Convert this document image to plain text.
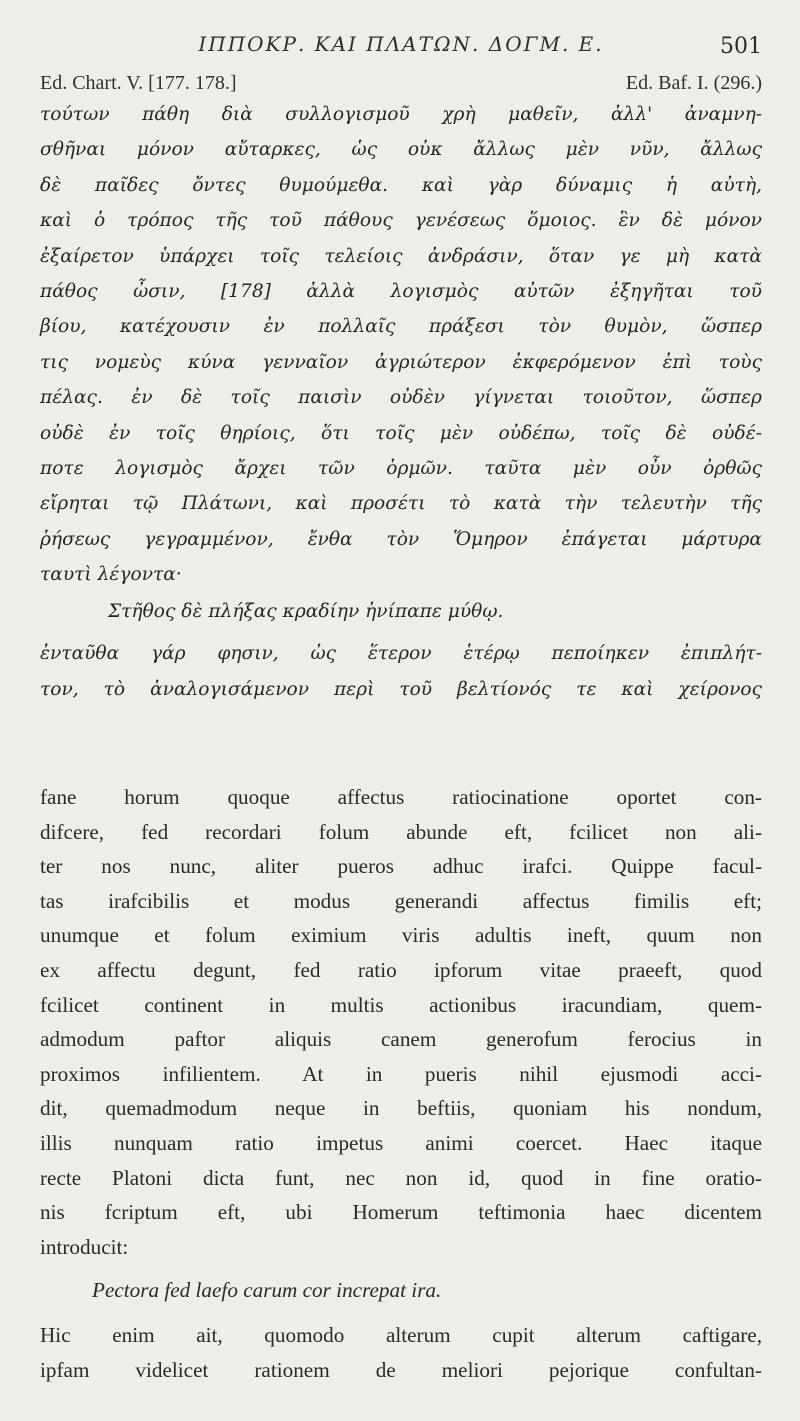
ΙΠΠΟΚΡ. ΚΑΙ ΠΛΑΤΩΝ. ΔΟΓΜ. Ε.	501
Ed. Chart. V. [177. 178.]	Ed. Baf. I. (296.)
τούτων πάθη διὰ συλλογισμοῦ χρὴ μαθεῖν, ἀλλ' ἀναμνη-
σθῆναι μόνον αὔταρκες, ὡς οὐκ ἄλλως μὲν νῦν, ἄλλως
δὲ παῖδες ὄντες θυμούμεθα. καὶ γὰρ δύναμις ἡ αὐτὴ,
καὶ ὁ τρόπος τῆς τοῦ πάθους γενέσεως ὅμοιος. ἓν δὲ μόνον
ἐξαίρετον ὑπάρχει τοῖς τελείοις ἀνδράσιν, ὅταν γε μὴ κατὰ
πάθος ὦσιν, [178] ἀλλὰ λογισμὸς αὐτῶν ἐξηγῆται τοῦ
βίου, κατέχουσιν ἐν πολλαῖς πράξεσι τὸν θυμὸν, ὥσπερ
τις νομεὺς κύνα γενναῖον ἀγριώτερον ἐκφερόμενον ἐπὶ τοὺς
πέλας. ἐν δὲ τοῖς παισὶν οὐδὲν γίγνεται τοιοῦτον, ὥσπερ
οὐδὲ ἐν τοῖς θηρίοις, ὅτι τοῖς μὲν οὐδέπω, τοῖς δὲ οὐδέ-
ποτε λογισμὸς ἄρχει τῶν ὁρμῶν. ταῦτα μὲν οὖν ὀρθῶς
εἴρηται τῷ Πλάτωνι, καὶ προσέτι τὸ κατὰ τὴν τελευτὴν τῆς
ῥήσεως γεγραμμένον, ἔνθα τὸν Ὅμηρον ἐπάγεται μάρτυρα
ταυτὶ λέγοντα·
Στῆθος δὲ πλήξας κραδίην ἠνίπαπε μύθῳ.
ἐνταῦθα γάρ φησιν, ὡς ἕτερον ἑτέρῳ πεποίηκεν ἐπιπλήτ-
τον, τὸ ἀναλογισάμενον περὶ τοῦ βελτίονός τε καὶ χείρονος
fane horum quoque affectus ratiocinatione oportet con-
difcere, fed recordari folum abunde eft, fcilicet non ali-
ter nos nunc, aliter pueros adhuc irafci. Quippe facul-
tas irafcibilis et modus generandi affectus fimilis eft;
unumque et folum eximium viris adultis ineft, quum non
ex affectu degunt, fed ratio ipforum vitae praeeft, quod
fcilicet continent in multis actionibus iracundiam, quem-
admodum paftor aliquis canem generofum ferocius in
proximos infilientem. At in pueris nihil ejusmodi acci-
dit, quemadmodum neque in beftiis, quoniam his nondum,
illis nunquam ratio impetus animi coercet. Haec itaque
recte Platoni dicta funt, nec non id, quod in fine oratio-
nis fcriptum eft, ubi Homerum teftimonia haec dicentem
introducit:
Pectora fed laefo carum cor increpat ira.
Hic enim ait, quomodo alterum cupit alterum caftigare,
ipfam videlicet rationem de meliori pejorique confultan-
